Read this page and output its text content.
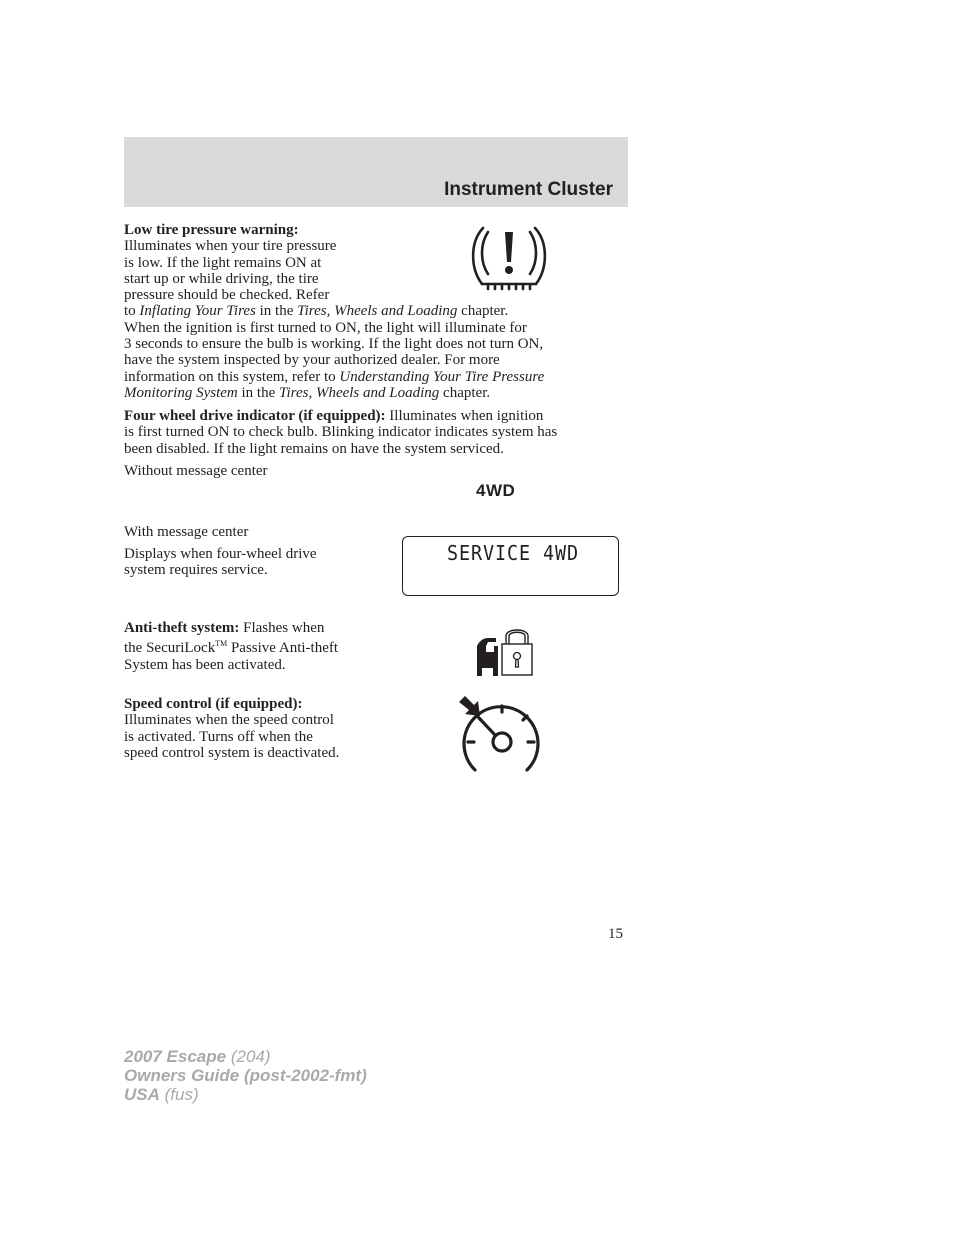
Instrument Cluster
Low tire pressure warning:
Illuminates when your tire pressure
is low. If the light remains ON at
start up or while driving, the tire
pressure should be checked. Refer
to Inflating Your Tires in the Tires, Wheels and Loading chapter.
When the ignition is first turned to ON, the light will illuminate for
3 seconds to ensure the bulb is working. If the light does not turn ON,
have the system inspected by your authorized dealer. For more
information on this system, refer to Understanding Your Tire Pressure
Monitoring System in the Tires, Wheels and Loading chapter.
Four wheel drive indicator (if equipped): Illuminates when ignition
is first turned ON to check bulb. Blinking indicator indicates system has
been disabled. If the light remains on have the system serviced.
Without message center
4WD
With message center
Displays when four-wheel drive
system requires service.
SERVICE 4WD
Anti-theft system: Flashes when
the SecuriLock™ Passive Anti-theft
System has been activated.
Speed control (if equipped):
Illuminates when the speed control
is activated. Turns off when the
speed control system is deactivated.
15
2007 Escape (204)
Owners Guide (post-2002-fmt)
USA (fus)
